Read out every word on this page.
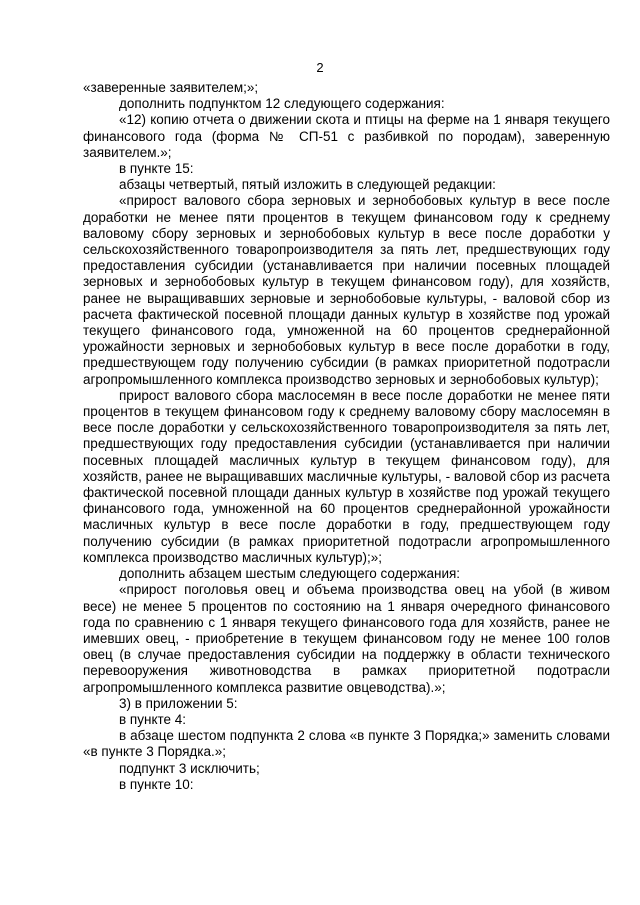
2

«заверенные заявителем;»;

дополнить подпунктом 12 следующего содержания:

«12) копию отчета о движении скота и птицы на ферме на 1 января текущего финансового года (форма № СП-51 с разбивкой по породам), заверенную заявителем.»;

в пункте 15:

абзацы четвертый, пятый изложить в следующей редакции:

«прирост валового сбора зерновых и зернобобовых культур в весе после доработки не менее пяти процентов в текущем финансовом году к среднему валовому сбору зерновых и зернобобовых культур в весе после доработки у сельскохозяйственного товаропроизводителя за пять лет, предшествующих году предоставления субсидии (устанавливается при наличии посевных площадей зерновых и зернобобовых культур в текущем финансовом году), для хозяйств, ранее не выращивавших зерновые и зернобобовые культуры, - валовой сбор из расчета фактической посевной площади данных культур в хозяйстве под урожай текущего финансового года, умноженной на 60 процентов среднерайонной урожайности зерновых и зернобобовых культур в весе после доработки в году, предшествующем году получению субсидии (в рамках приоритетной подотрасли агропромышленного комплекса производство зерновых и зернобобовых культур);

прирост валового сбора маслосемян в весе после доработки не менее пяти процентов в текущем финансовом году к среднему валовому сбору маслосемян в весе после доработки у сельскохозяйственного товаропроизводителя за пять лет, предшествующих году предоставления субсидии (устанавливается при наличии посевных площадей масличных культур в текущем финансовом году), для хозяйств, ранее не выращивавших масличные культуры, - валовой сбор из расчета фактической посевной площади данных культур в хозяйстве под урожай текущего финансового года, умноженной на 60 процентов среднерайонной урожайности масличных культур в весе после доработки в году, предшествующем году получению субсидии (в рамках приоритетной подотрасли агропромышленного комплекса производство масличных культур);»;

дополнить абзацем шестым следующего содержания:

«прирост поголовья овец и объема производства овец на убой (в живом весе) не менее 5 процентов по состоянию на 1 января очередного финансового года по сравнению с 1 января текущего финансового года для хозяйств, ранее не имевших овец, - приобретение в текущем финансовом году не менее 100 голов овец (в случае предоставления субсидии на поддержку в области технического перевооружения животноводства в рамках приоритетной подотрасли агропромышленного комплекса развитие овцеводства).»;

3) в приложении 5:

в пункте 4:

в абзаце шестом подпункта 2 слова «в пункте 3 Порядка;» заменить словами «в пункте 3 Порядка.»;

подпункт 3 исключить;

в пункте 10:
